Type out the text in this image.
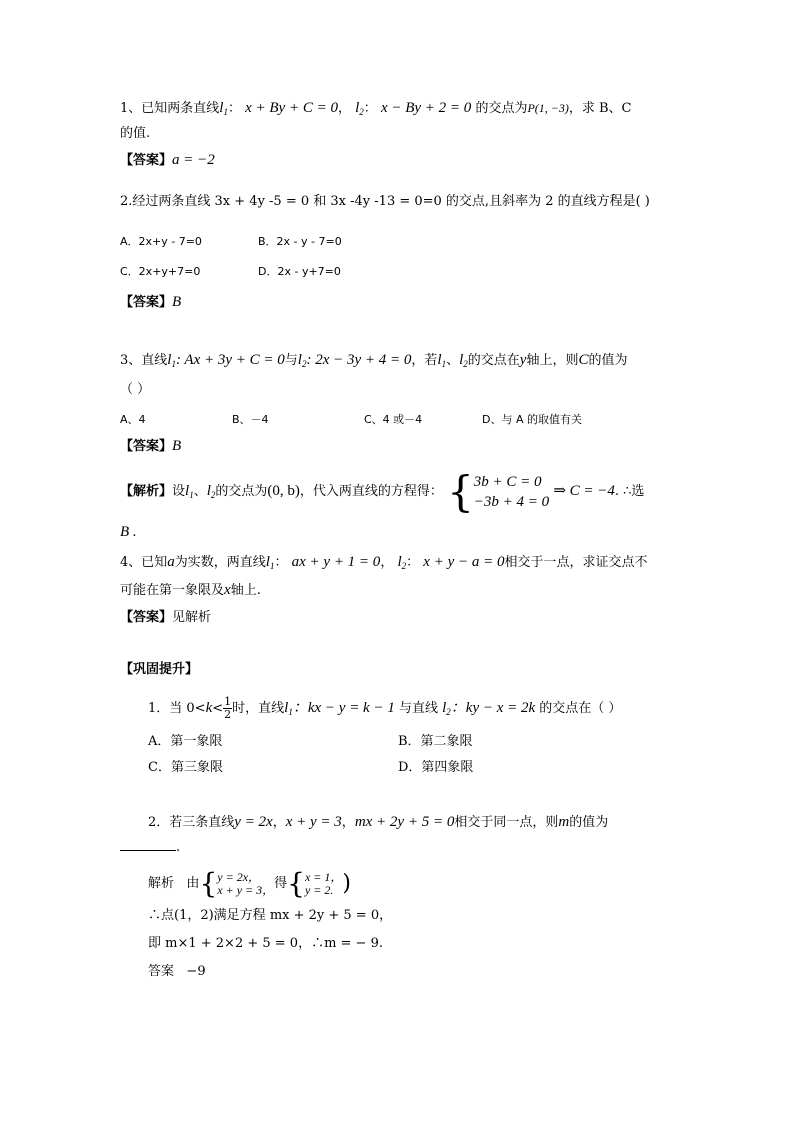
1、已知两条直线$l_1$： x + By + C = 0， $l_2$： x − By + 2 = 0 的交点为P(1, −3)，求 B、C
的值.
【答案】a = −2
2.经过两条直线 3x + 4y -5 = 0 和 3x -4y -13 = 0=0 的交点,且斜率为 2 的直线方程是( )
A．2x+y - 7=0	B．2x - y - 7=0
C．2x+y+7=0	D．2x - y+7=0
【答案】B
3、直线$l_1$: Ax + 3y + C = 0与$l_2$: 2x − 3y + 4 = 0，若$l_1$、$l_2$的交点在y轴上，则C的值为
（ ）
A、4	B、－4	C、4 或－4	D、与 A 的取值有关
【答案】B
【解析】设$l_1$、$l_2$的交点为(0, b)，代入两直线的方程得： { 3b + C = 0
−3b + 4 = 0
⇒ C = −4. ∴选
B .
4、已知a为实数，两直线$l_1$： ax + y + 1 = 0， $l_2$： x + y − a = 0相交于一点，求证交点不
可能在第一象限及x轴上.
【答案】见解析
【巩固提升】
1．当 $0<k< \frac{1}{2}$时，直线$l_1$：kx − y = k − 1 与直线 $l_2$：ky − x = 2k 的交点在（ ）
A．第一象限	B．第二象限
C．第三象限	D．第四象限
2．若三条直线y = 2x，x + y = 3，mx + 2y + 5 = 0相交于同一点，则m的值为
.
解析 由{ y = 2x，
x + y = 3， 得{ x = 1，
y = 2. )
∴点(1，2)满足方程 mx + 2y + 5 = 0，
即 m×1 + 2×2 + 5 = 0，∴m = − 9.
答案 −9
